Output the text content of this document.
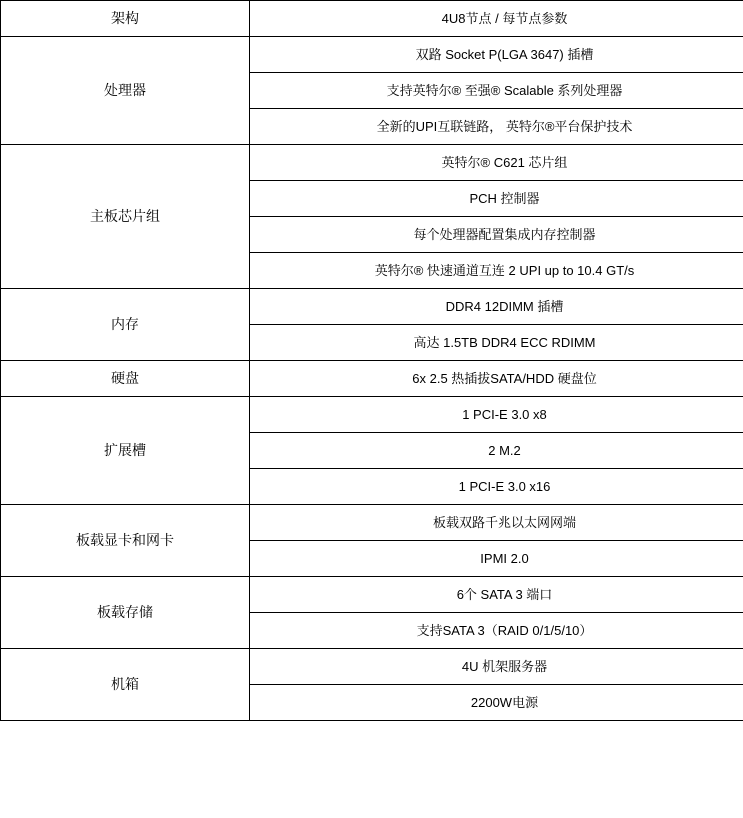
架构	4U8节点 / 每节点参数
处理器	双路 Socket P(LGA 3647) 插槽
	支持英特尔® 至强® Scalable 系列处理器
	全新的UPI互联链路， 英特尔®平台保护技术
主板芯片组	英特尔® C621 芯片组
	PCH 控制器
	每个处理器配置集成内存控制器
	英特尔® 快速通道互连 2 UPI up to 10.4 GT/s
内存	DDR4 12DIMM 插槽
	高达 1.5TB DDR4 ECC RDIMM
硬盘	6x 2.5 热插拔SATA/HDD 硬盘位
扩展槽	1 PCI-E 3.0 x8
	2 M.2
	1 PCI-E 3.0 x16
板载显卡和网卡	板载双路千兆以太网网端
	IPMI 2.0
板载存储	6个 SATA 3 端口
	支持SATA 3（RAID 0/1/5/10）
机箱	4U 机架服务器
	2200W电源
